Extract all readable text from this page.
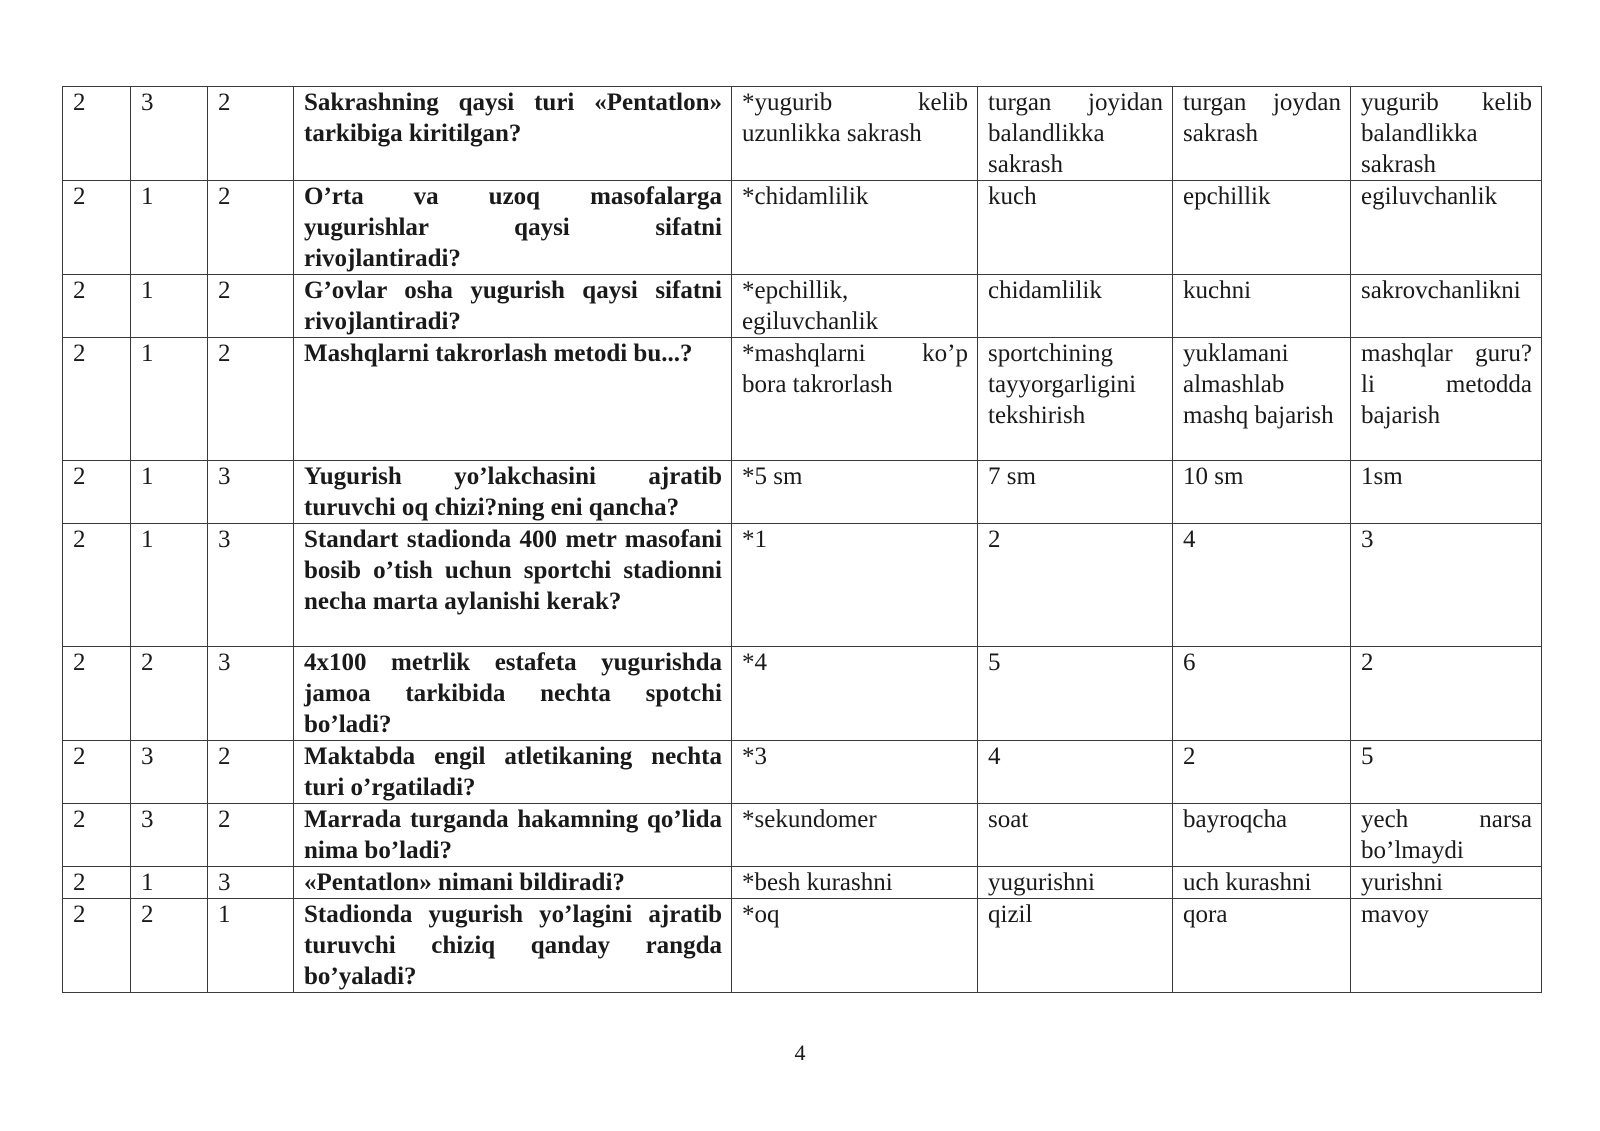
2	3	2	Sakrashning qaysi turi «Pentatlon» tarkibiga kiritilgan?	*yugurib kelib uzunlikka sakrash	turgan joyidan balandlikka sakrash	turgan joydan sakrash	yugurib kelib balandlikka sakrash
2	1	2	O’rta va uzoq masofalarga yugurishlar qaysi sifatni rivojlantiradi?	*chidamlilik	kuch	epchillik	egiluvchanlik
2	1	2	G’ovlar osha yugurish qaysi sifatni rivojlantiradi?	*epchillik, egiluvchanlik	chidamlilik	kuchni	sakrovchanlikni
2	1	2	Mashqlarni takrorlash metodi bu...?	*mashqlarni ko’p bora takrorlash	sportchining tayyorgarligini tekshirish	yuklamani almashlab mashq bajarish	mashqlar guru? li metodda bajarish
2	1	3	Yugurish yo’lakchasini ajratib turuvchi oq chizi?ning eni qancha?	*5 sm	7 sm	10 sm	1sm
2	1	3	Standart stadionda 400 metr masofani bosib o’tish uchun sportchi stadionni necha marta aylanishi kerak?	*1	2	4	3
2	2	3	4x100 metrlik estafeta yugurishda jamoa tarkibida nechta spotchi bo’ladi?	*4	5	6	2
2	3	2	Maktabda engil atletikaning nechta turi o’rgatiladi?	*3	4	2	5
2	3	2	Marrada turganda hakamning qo’lida nima bo’ladi?	*sekundomer	soat	bayroqcha	yech narsa bo’lmaydi
2	1	3	«Pentatlon» nimani bildiradi?	*besh kurashni	yugurishni	uch kurashni	yurishni
2	2	1	Stadionda yugurish yo’lagini ajratib turuvchi chiziq qanday rangda bo’yaladi?	*oq	qizil	qora	mavoy
4
